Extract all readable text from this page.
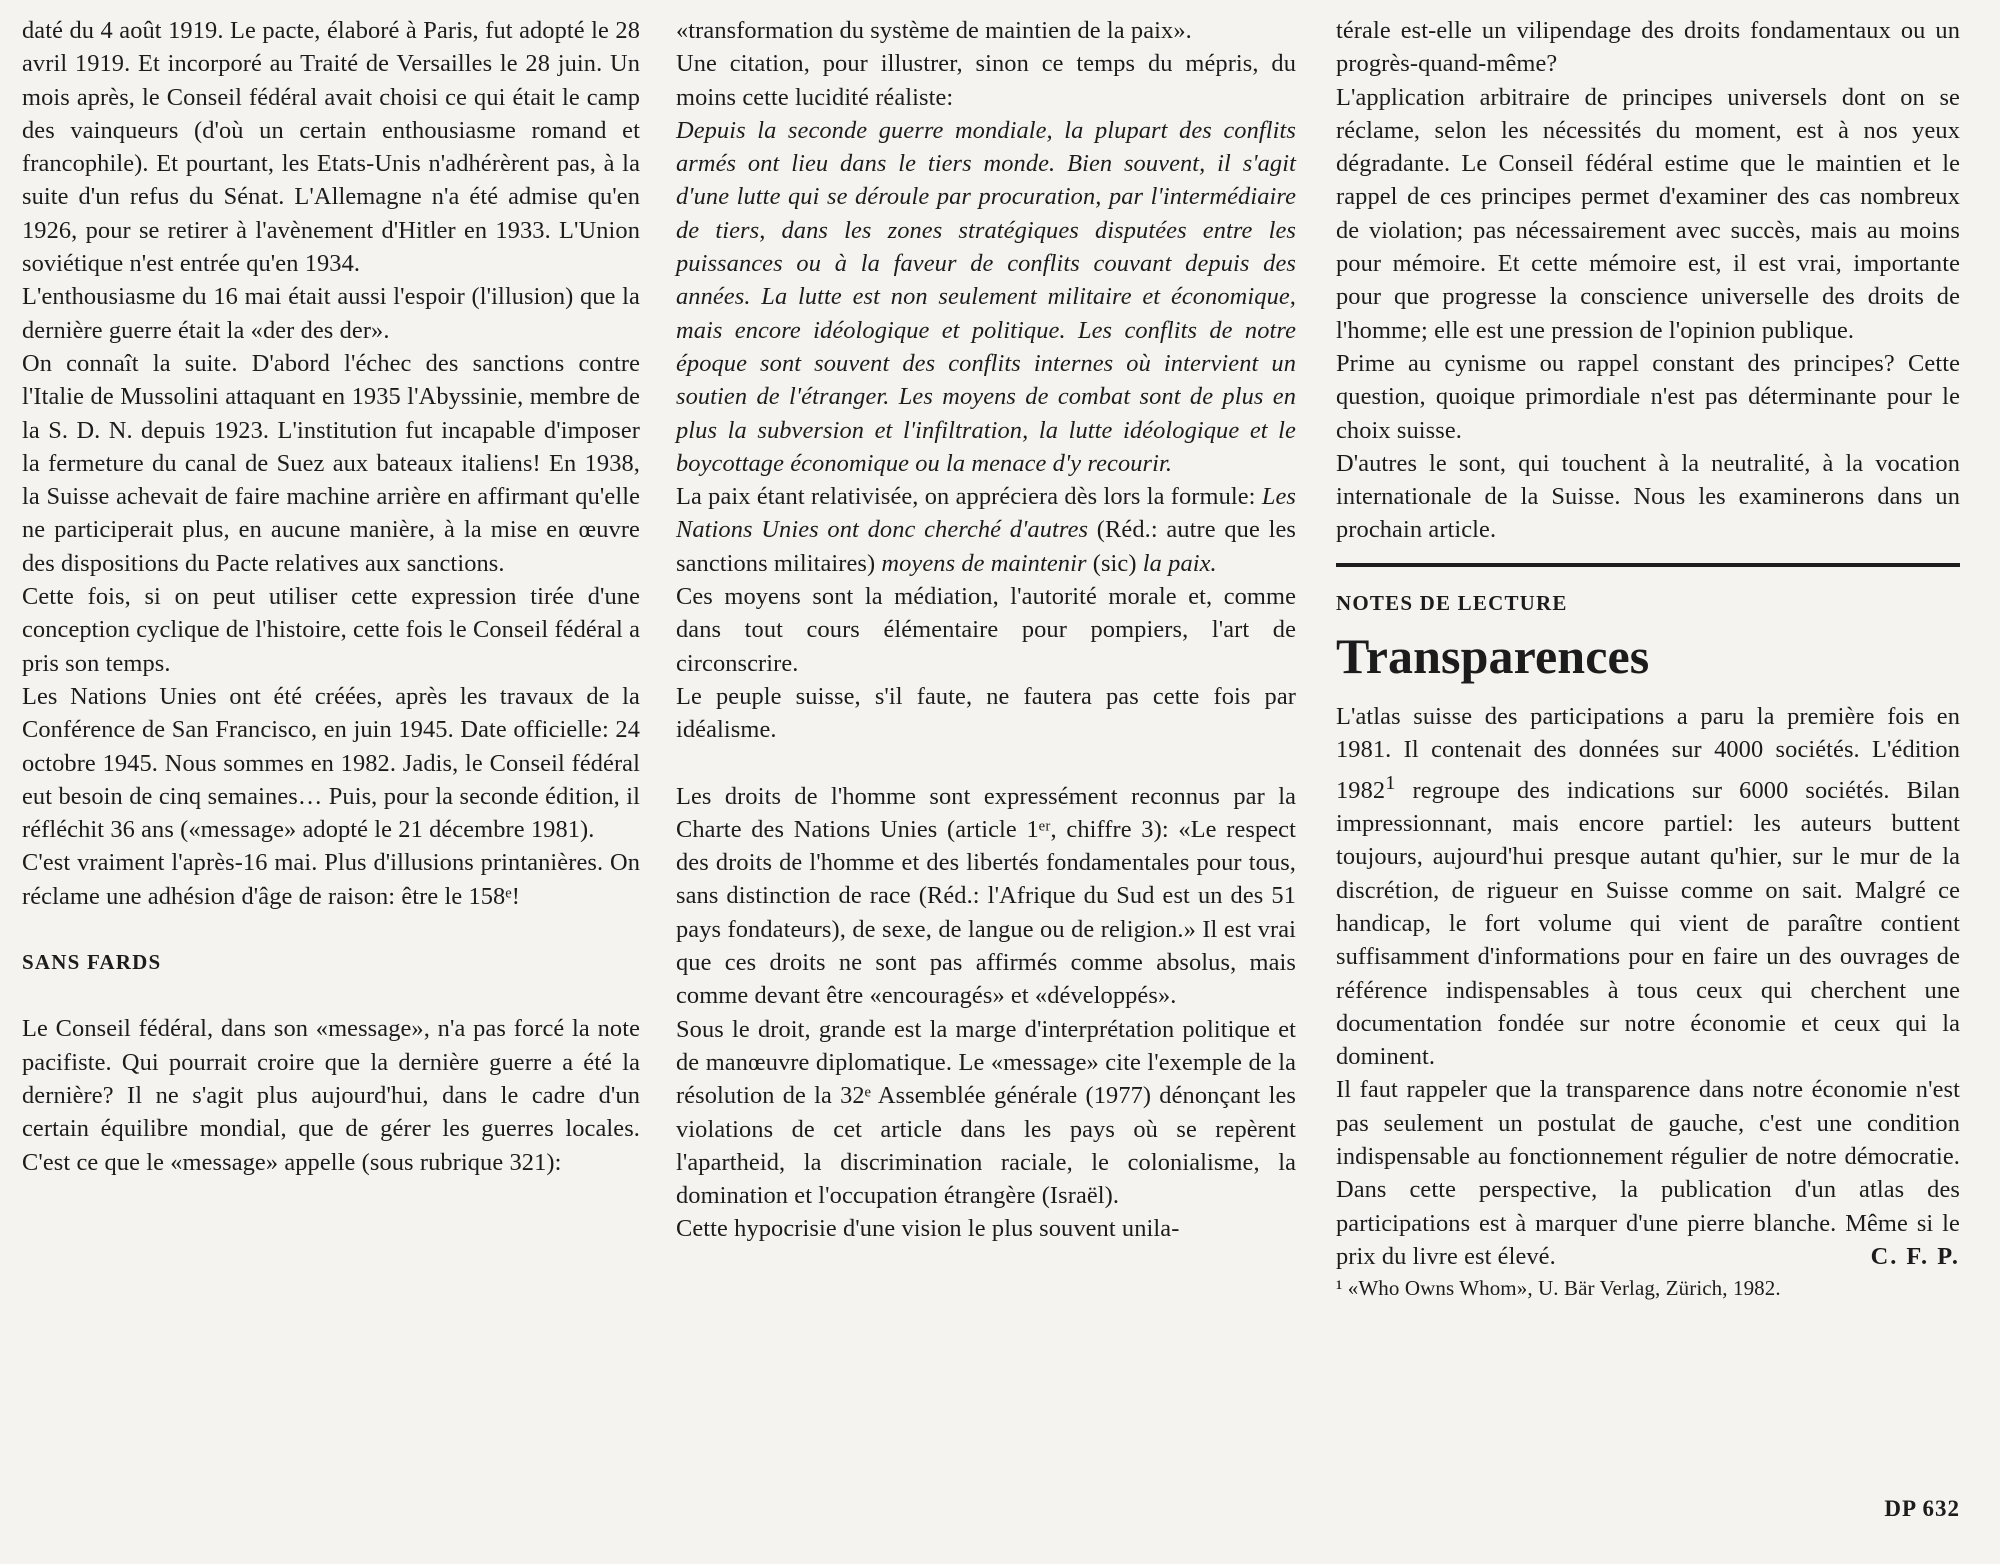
daté du 4 août 1919. Le pacte, élaboré à Paris, fut adopté le 28 avril 1919. Et incorporé au Traité de Versailles le 28 juin. Un mois après, le Conseil fédéral avait choisi ce qui était le camp des vainqueurs (d'où un certain enthousiasme romand et francophile). Et pourtant, les Etats-Unis n'adhérèrent pas, à la suite d'un refus du Sénat. L'Allemagne n'a été admise qu'en 1926, pour se retirer à l'avènement d'Hitler en 1933. L'Union soviétique n'est entrée qu'en 1934.

L'enthousiasme du 16 mai était aussi l'espoir (l'illusion) que la dernière guerre était la «der des der».

On connaît la suite. D'abord l'échec des sanctions contre l'Italie de Mussolini attaquant en 1935 l'Abyssinie, membre de la S. D. N. depuis 1923. L'institution fut incapable d'imposer la fermeture du canal de Suez aux bateaux italiens! En 1938, la Suisse achevait de faire machine arrière en affirmant qu'elle ne participerait plus, en aucune manière, à la mise en œuvre des dispositions du Pacte relatives aux sanctions.

Cette fois, si on peut utiliser cette expression tirée d'une conception cyclique de l'histoire, cette fois le Conseil fédéral a pris son temps.

Les Nations Unies ont été créées, après les travaux de la Conférence de San Francisco, en juin 1945. Date officielle: 24 octobre 1945. Nous sommes en 1982. Jadis, le Conseil fédéral eut besoin de cinq semaines… Puis, pour la seconde édition, il réfléchit 36 ans («message» adopté le 21 décembre 1981).

C'est vraiment l'après-16 mai. Plus d'illusions printanières. On réclame une adhésion d'âge de raison: être le 158ᵉ!

SANS FARDS

Le Conseil fédéral, dans son «message», n'a pas forcé la note pacifiste. Qui pourrait croire que la dernière guerre a été la dernière? Il ne s'agit plus aujourd'hui, dans le cadre d'un certain équilibre mondial, que de gérer les guerres locales. C'est ce que le «message» appelle (sous rubrique 321):

«transformation du système de maintien de la paix».

Une citation, pour illustrer, sinon ce temps du mépris, du moins cette lucidité réaliste:

Depuis la seconde guerre mondiale, la plupart des conflits armés ont lieu dans le tiers monde. Bien souvent, il s'agit d'une lutte qui se déroule par procuration, par l'intermédiaire de tiers, dans les zones stratégiques disputées entre les puissances ou à la faveur de conflits couvant depuis des années. La lutte est non seulement militaire et économique, mais encore idéologique et politique. Les conflits de notre époque sont souvent des conflits internes où intervient un soutien de l'étranger. Les moyens de combat sont de plus en plus la subversion et l'infiltration, la lutte idéologique et le boycottage économique ou la menace d'y recourir.

La paix étant relativisée, on appréciera dès lors la formule: Les Nations Unies ont donc cherché d'autres (Réd.: autre que les sanctions militaires) moyens de maintenir (sic) la paix.

Ces moyens sont la médiation, l'autorité morale et, comme dans tout cours élémentaire pour pompiers, l'art de circonscrire.

Le peuple suisse, s'il faute, ne fautera pas cette fois par idéalisme.

Les droits de l'homme sont expressément reconnus par la Charte des Nations Unies (article 1ᵉʳ, chiffre 3): «Le respect des droits de l'homme et des libertés fondamentales pour tous, sans distinction de race (Réd.: l'Afrique du Sud est un des 51 pays fondateurs), de sexe, de langue ou de religion.» Il est vrai que ces droits ne sont pas affirmés comme absolus, mais comme devant être «encouragés» et «développés».

Sous le droit, grande est la marge d'interprétation politique et de manœuvre diplomatique. Le «message» cite l'exemple de la résolution de la 32ᵉ Assemblée générale (1977) dénonçant les violations de cet article dans les pays où se repèrent l'apartheid, la discrimination raciale, le colonialisme, la domination et l'occupation étrangère (Israël).

Cette hypocrisie d'une vision le plus souvent unila-

térale est-elle un vilipendage des droits fondamentaux ou un progrès-quand-même?

L'application arbitraire de principes universels dont on se réclame, selon les nécessités du moment, est à nos yeux dégradante. Le Conseil fédéral estime que le maintien et le rappel de ces principes permet d'examiner des cas nombreux de violation; pas nécessairement avec succès, mais au moins pour mémoire. Et cette mémoire est, il est vrai, importante pour que progresse la conscience universelle des droits de l'homme; elle est une pression de l'opinion publique.

Prime au cynisme ou rappel constant des principes? Cette question, quoique primordiale n'est pas déterminante pour le choix suisse.

D'autres le sont, qui touchent à la neutralité, à la vocation internationale de la Suisse. Nous les examinerons dans un prochain article.

NOTES DE LECTURE

Transparences

L'atlas suisse des participations a paru la première fois en 1981. Il contenait des données sur 4000 sociétés. L'édition 1982$^1$ regroupe des indications sur 6000 sociétés. Bilan impressionnant, mais encore partiel: les auteurs buttent toujours, aujourd'hui presque autant qu'hier, sur le mur de la discrétion, de rigueur en Suisse comme on sait. Malgré ce handicap, le fort volume qui vient de paraître contient suffisamment d'informations pour en faire un des ouvrages de référence indispensables à tous ceux qui cherchent une documentation fondée sur notre économie et ceux qui la dominent.

Il faut rappeler que la transparence dans notre économie n'est pas seulement un postulat de gauche, c'est une condition indispensable au fonctionnement régulier de notre démocratie. Dans cette perspective, la publication d'un atlas des participations est à marquer d'une pierre blanche. Même si le prix du livre est élevé.	C. F. P.

¹ «Who Owns Whom», U. Bär Verlag, Zürich, 1982.

DP 632
